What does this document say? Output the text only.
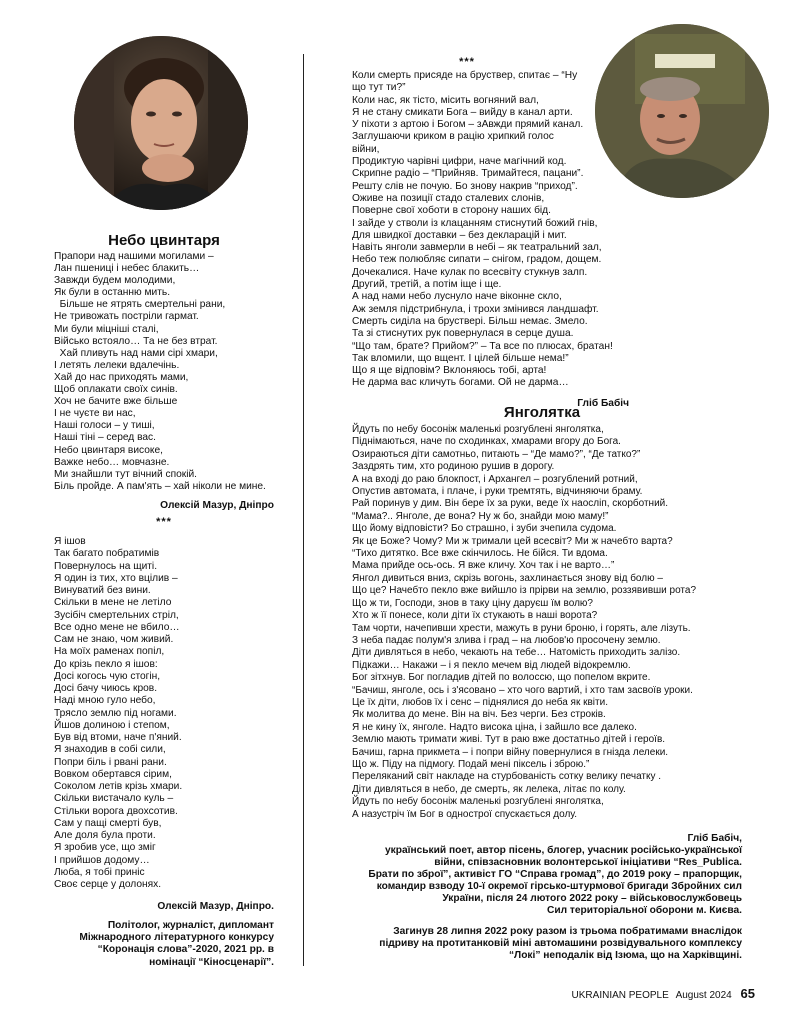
Небо цвинтаря
Прапори над нашими могилами –
Лан пшениці і небес блакить…
Завжди будем молодими,
Як були в останню мить.
Більше не ятрять смертельні рани,
Не тривожать постріли гармат.
Ми були міцніші сталі,
Військо встояло… Та не без втрат.
Хай пливуть над нами сірі хмари,
І летять лелеки вдалечінь.
Хай до нас приходять мами,
Щоб оплакати своїх синів.
Хоч не бачите вже більше
І не чуєте ви нас,
Наші голоси – у тиші,
Наші тіні – серед вас.
Небо цвинтаря високе,
Важке небо… мовчазне.
Ми знайшли тут вічний спокій.
Біль пройде. А пам'ять – хай ніколи не мине.
Олексій Мазур, Дніпро
***
Я ішов
Так багато побратимів
Повернулось на щиті.
Я один із тих, хто вцілив –
Винуватий без вини.
Скільки в мене не летіло
Зусібіч смертельних стріл,
Все одно мене не вбило…
Сам не знаю, чом живий.
На моїх раменах попіл,
До крізь пекло я ішов:
Досі когось чую стогін,
Досі бачу чиюсь кров.
Наді мною гуло небо,
Трясло землю під ногами.
Йшов долиною і степом,
Був від втоми, наче п'яний.
Я знаходив в собі сили,
Попри біль і рвані рани.
Вовком обертався сірим,
Соколом летів крізь хмари.
Скільки вистачало куль –
Стільки ворога двохсотив.
Сам у пащі смерті був,
Але доля була проти.
Я зробив усе, що зміг
І прийшов додому…
Люба, я тобі приніс
Своє серце у долонях.
Олексій Мазур, Дніпро.
Політолог, журналіст, дипломант
Міжнародного літературного конкурсу
“Коронація слова”-2020, 2021 рр. в
номінації “Кіносценарії”.
***
Коли смерть присяде на бруствер, спитає – “Ну
що тут ти?”
Коли нас, як тісто, місить вогняний вал,
Я не стану смикати Бога – вийду в канал арти.
У піхоти з артою і Богом – зАвжди прямий канал.
Заглушаючи криком в рацію хрипкий голос
війни,
Продиктую чарівні цифри, наче магічний код.
Скрипне радіо – “Прийняв. Тримайтеся, пацани”.
Решту слів не почую. Бо знову накрив “приход”.
Оживе на позиції стадо сталевих слонів,
Поверне свої хоботи в сторону наших бід.
І зайде у стволи із клацанням стиснутий божий гнів,
Для швидкої доставки – без декларацій і мит.
Навіть янголи завмерли в небі – як театральний зал,
Небо теж полюбляє сипати – снігом, градом, дощем.
Дочекалися. Наче кулак по всесвіту стукнув залп.
Другий, третій, а потім іще і ще.
А над нами небо луснуло наче віконне скло,
Аж земля підстрибнула, і трохи змінився ландшафт.
Смерть сиділа на бруствері. Більш немає. Змело.
Та зі стиснутих рук повернулася в серце душа.
“Що там, брате? Прийом?” – Та все по плюсах, братан!
Так вломили, що вщент. І цілей більше нема!”
Що я ще відповім? Вклоняюсь тобі, арта!
Не дарма вас кличуть богами. Ой не дарма…
Гліб Бабіч
Янголятка
Йдуть по небу босоніж маленькі розгублені янголятка,
Піднімаються, наче по сходинках, хмарами вгору до Бога.
Озираються діти самотньо, питають – “Де мамо?”, “Де татко?”
Заздрять тим, хто родиною рушив в дорогу.
А на вході до раю блокпост, і Архангел – розгублений ротний,
Опустив автомата, і плаче, і руки тремтять, відчиняючи браму.
Рай поринув у дим. Він бере їх за руки, веде їх наосліп, скорботний.
“Мама?.. Янголе, де вона? Ну ж бо, знайди мою маму!”
Що йому відповісти? Бо страшно, і зуби зчепила судома.
Як це Боже? Чому? Ми ж тримали цей всесвіт? Ми ж начебто варта?
“Тихо дитятко. Все вже скінчилось. Не бійся. Ти вдома.
Мама прийде ось-ось. Я вже кличу. Хоч так і не варто…”
Янгол дивиться вниз, скрізь вогонь, захлинається знову від болю –
Що це? Начебто пекло вже вийшло із прірви на землю, роззявивши рота?
Що ж ти, Господи, знов в таку ціну даруєш їм волю?
Хто ж її понесе, коли діти їх стукають в наші ворота?
Там чорти, начепивши хрести, мажуть в руни броню, і горять, але лізуть.
З неба падає полум'я злива і град – на любов'ю просочену землю.
Діти дивляться в небо, чекають на тебе… Натомість приходить залізо.
Підкажи… Накажи – і я пекло мечем від людей відокремлю.
Бог зітхнув. Бог погладив дітей по волоссю, що попелом вкрите.
“Бачиш, янголе, ось і з'ясовано – хто чого вартий, і хто там засвоїв уроки.
Це їх діти, любов їх і сенс – піднялися до неба як квіти.
Як молитва до мене. Він на віч. Без черги. Без строків.
Я не кину їх, янголе. Надто висока ціна, і зайшло все далеко.
Землю мають тримати живі. Тут в раю вже достатньо дітей і героїв.
Бачиш, гарна прикмета – і попри війну повернулися в гнізда лелеки.
Що ж. Піду на підмогу. Подай мені піксель і зброю.”
Переляканий світ накладе на стурбованість сотку велику печатку .
Діти дивляться в небо, де смерть, як лелека, літає по колу.
Йдуть по небу босоніж маленькі розгублені янголятка,
А назустріч їм Бог в однострої спускається долу.
Гліб Бабіч,
український поет, автор пісень, блогер, учасник російсько-української
війни, співзасновник волонтерської ініціативи “Res_Publica.
Брати по зброї”, активіст ГО “Справа громад”, до 2019 року – прапорщик,
командир взводу 10-ї окремої гірсько-штурмової бригади Збройних сил
України, після 24 лютого 2022 року – військовослужбовець
Сил територіальної оборони м. Києва.
Загинув 28 липня 2022 року разом із трьома побратимами внаслідок
підриву на протитанковій міні автомашини розвідувального комплексу
“Локі” неподалік від Ізюма, що на Харківщині.
UKRAINIAN PEOPLE August 2024 65
